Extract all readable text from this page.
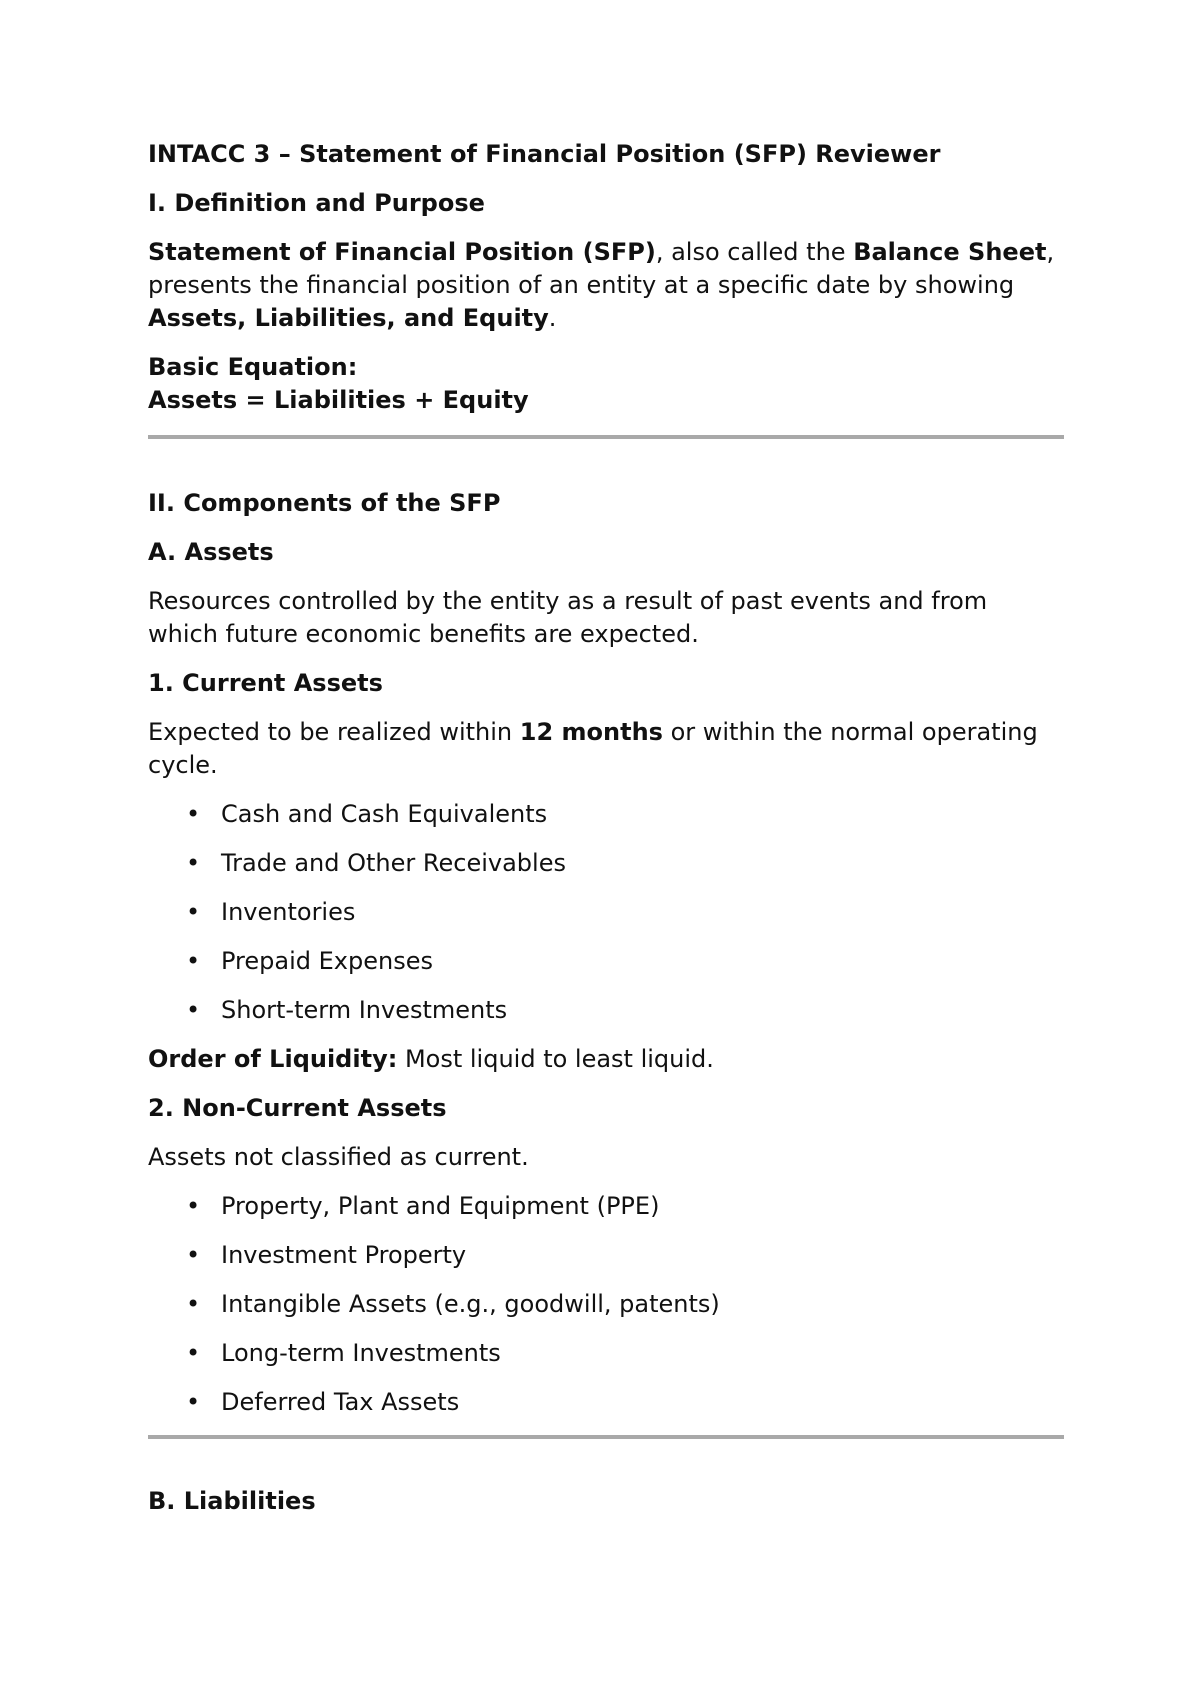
INTACC 3 – Statement of Financial Position (SFP) Reviewer
I. Definition and Purpose
Statement of Financial Position (SFP), also called the Balance Sheet, presents the financial position of an entity at a specific date by showing Assets, Liabilities, and Equity.
Basic Equation:
Assets = Liabilities + Equity
II. Components of the SFP
A. Assets
Resources controlled by the entity as a result of past events and from which future economic benefits are expected.
1. Current Assets
Expected to be realized within 12 months or within the normal operating cycle.
• Cash and Cash Equivalents
• Trade and Other Receivables
• Inventories
• Prepaid Expenses
• Short-term Investments
Order of Liquidity: Most liquid to least liquid.
2. Non-Current Assets
Assets not classified as current.
• Property, Plant and Equipment (PPE)
• Investment Property
• Intangible Assets (e.g., goodwill, patents)
• Long-term Investments
• Deferred Tax Assets
B. Liabilities
